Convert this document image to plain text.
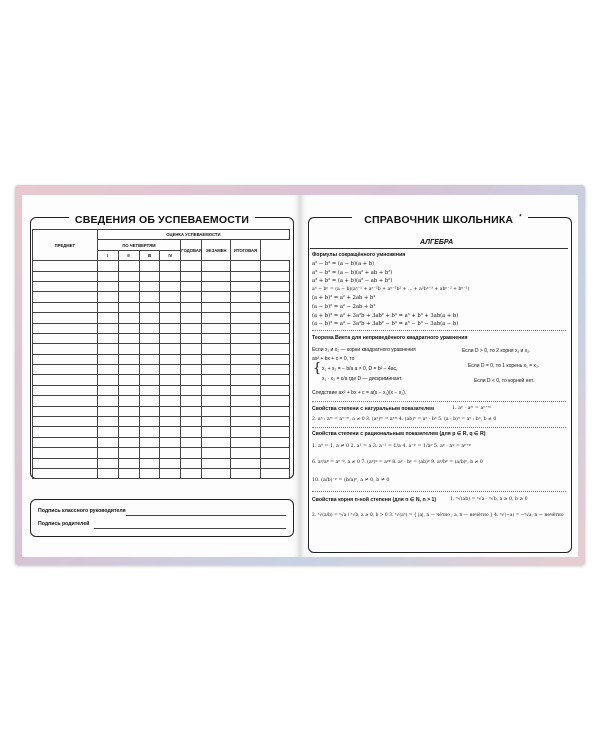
СВЕДЕНИЯ ОБ УСПЕВАЕМОСТИ
ПРЕДМЕТ	ОЦЕНКА УСПЕВАЕМОСТИ							
	ПО ЧЕТВЕРТЯМ				ГОДОВАЯ	ЭКЗАМЕН	ИТОГОВАЯ	
	I	II	III	IV				

Подпись классного руководителя
Подпись родителей
СПРАВОЧНИК ШКОЛЬНИКА *
АЛГЕБРА
Формулы сокращённого умножения
a² − b² = (a − b)(a + b)
a³ − b³ = (a − b)(a² + ab + b²)
a³ + b³ = (a + b)(a² − ab + b²)
aⁿ − bⁿ = (a − b)(aⁿ⁻¹ + aⁿ⁻²b + aⁿ⁻³b² + ... + a²bⁿ⁻³ + abⁿ⁻² + bⁿ⁻¹)
(a + b)² = a² + 2ab + b²
(a − b)² = a² − 2ab + b²
(a + b)³ = a³ + 3a²b + 3ab² + b³ = a³ + b³ + 3ab(a + b)
(a − b)³ = a³ − 3a²b + 3ab² − b³ = a³ − b³ − 3ab(a − b)
Теорема Виета для неприведённого квадратного уравнения
Если x₁ и x₂ — корни квадратного уравнения
ax² + bx + c = 0, то
{ x₁ + x₂ = − b/a a ≠ 0, D = b² − 4ac,
x₁ · x₂ = c/a где D — дискриминант.
Следствие ax² + bx + c = a(x − x₁)(x − x₂).
Если D > 0, то 2 корня x₁ и x₂.
Если D = 0, то 1 корень x₁ = x₂.
Если D < 0, то корней нет.
Свойства степени с натуральным показателем	1. aⁿ · aᵐ = aⁿ⁺ᵐ
2. aⁿ : aᵐ = aⁿ⁻ᵐ, a ≠ 0 3. (aⁿ)ᵐ = aⁿᵐ 4. (ab)ⁿ = aⁿ · bⁿ 5. (a : b)ⁿ = aⁿ : bⁿ, b ≠ 0
Свойства степени с рациональным показателем (для p ∈ R, q ∈ R)
1. a⁰ = 1, a ≠ 0 2. a¹ = a 3. a⁻¹ = 1/a 4. a⁻ᵖ = 1/aᵖ 5. aᵖ · aᵠ = aᵖ⁺ᵠ
6. aᵖ/aᵠ = aᵖ⁻ᵠ, a ≠ 0 7. (aᵖ)ᵠ = aᵖᵠ 8. aᵖ · bᵖ = (ab)ᵖ 9. aᵖ/bᵖ = (a/b)ᵖ, b ≠ 0
10. (a/b)⁻ᵖ = (b/a)ᵖ, a ≠ 0, b ≠ 0
Свойства корня n-ной степени (для n ∈ N, n > 1)	1. ⁿ√(ab) = ⁿ√a · ⁿ√b, a ≥ 0, b ≥ 0
2. ⁿ√(a/b) = ⁿ√a / ⁿ√b, a ≥ 0, b > 0 3. ⁿ√(aⁿ) = { |a|, n — чётно ; a, n — нечётно } 4. ⁿ√(−a) = −ⁿ√a, n — нечётно
